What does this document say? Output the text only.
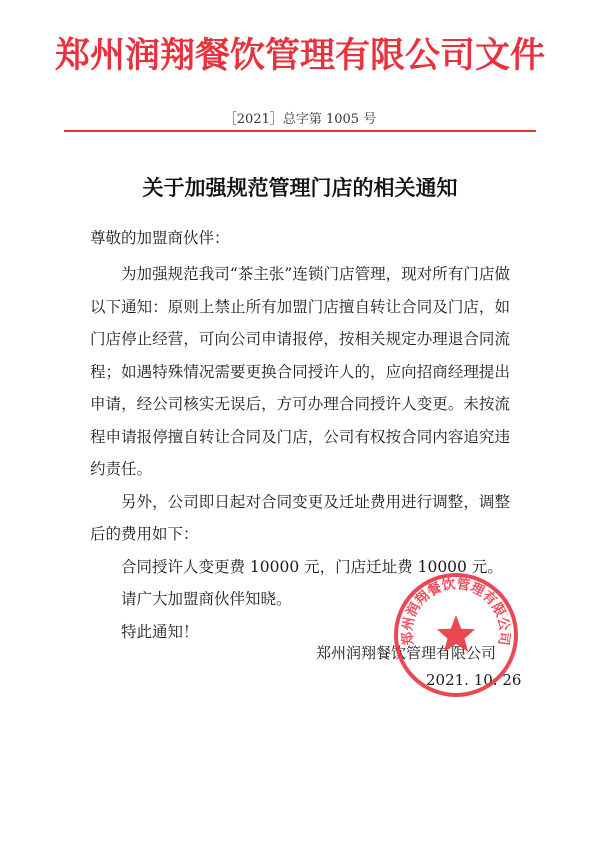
郑州润翔餐饮管理有限公司文件
［2021］总字第 1005 号
关于加强规范管理门店的相关通知
尊敬的加盟商伙伴：

为加强规范我司“茶主张”连锁门店管理，现对所有门店做以下通知：原则上禁止所有加盟门店擅自转让合同及门店，如门店停止经营，可向公司申请报停，按相关规定办理退合同流程；如遇特殊情况需要更换合同授许人的，应向招商经理提出申请，经公司核实无误后，方可办理合同授许人变更。未按流程申请报停擅自转让合同及门店，公司有权按合同内容追究违约责任。

另外，公司即日起对合同变更及迁址费用进行调整，调整后的费用如下：

合同授许人变更费 10000 元，门店迁址费 10000 元。

请广大加盟商伙伴知晓。

特此通知！

郑州润翔餐饮管理有限公司
2021. 10. 26
郑州润翔餐饮管理有限公司
